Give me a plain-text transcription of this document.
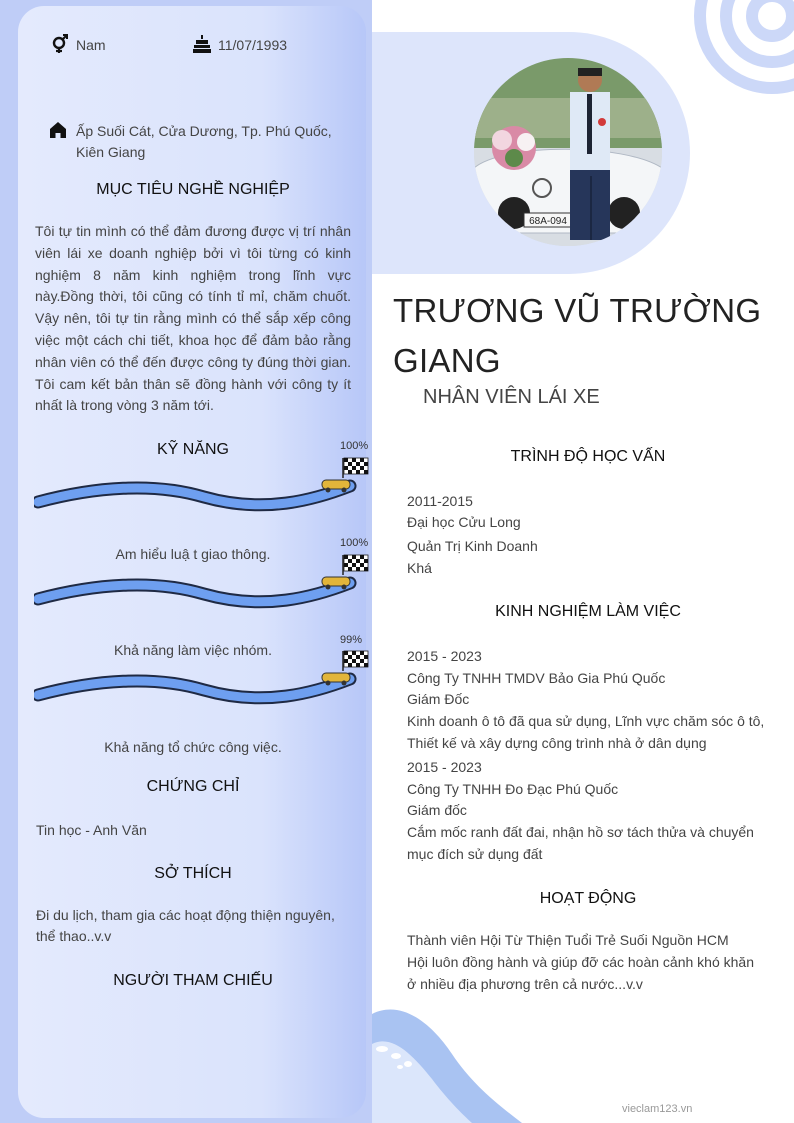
Nam	11/07/1993
Ấp Suối Cát, Cửa Dương, Tp. Phú Quốc, Kiên Giang
MỤC TIÊU NGHỀ NGHIỆP
Tôi tự tin mình có thể đảm đương được vị trí nhân viên lái xe doanh nghiệp bởi vì tôi từng có kinh nghiệm 8 năm kinh nghiệm trong lĩnh vực này.Đồng thời, tôi cũng có tính tỉ mỉ, chăm chuốt. Vậy nên, tôi tự tin rằng mình có thể sắp xếp công việc một cách chi tiết, khoa học để đảm bảo rằng nhân viên có thể đến được công ty đúng thời gian. Tôi cam kết bản thân sẽ đồng hành với công ty ít nhất là trong vòng 3 năm tới.
KỸ NĂNG	100%
Am hiểu luậ t giao thông.
100%
Khả năng làm việc nhóm.
99%
Khả năng tổ chức công việc.
CHỨNG CHỈ
Tin học - Anh Văn
SỞ THÍCH
Đi du lịch, tham gia các hoạt động thiện nguyên, thể thao..v.v
NGƯỜI THAM CHIẾU
68A-094
TRƯƠNG VŨ TRƯỜNG
GIANG
NHÂN VIÊN LÁI XE
TRÌNH ĐỘ HỌC VẤN
2011-2015
Đại học Cửu Long
Quản Trị Kinh Doanh
Khá
KINH NGHIỆM LÀM VIỆC
2015 - 2023
Công Ty TNHH TMDV Bảo Gia Phú Quốc
Giám Đốc
Kinh doanh ô tô đã qua sử dụng, Lĩnh vực chăm sóc ô tô, Thiết kế và xây dựng công trình nhà ở dân dụng
2015 - 2023
Công Ty TNHH Đo Đạc Phú Quốc
Giám đốc
Cắm mốc ranh đất đai, nhận hồ sơ tách thửa và chuyển mục đích sử dụng đất
HOẠT ĐỘNG
Thành viên Hội Từ Thiện Tuổi Trẻ Suối Nguồn HCM
Hội luôn đồng hành và giúp đỡ các hoàn cảnh khó khăn ở nhiều địa phương trên cả nước...v.v
vieclam123.vn
